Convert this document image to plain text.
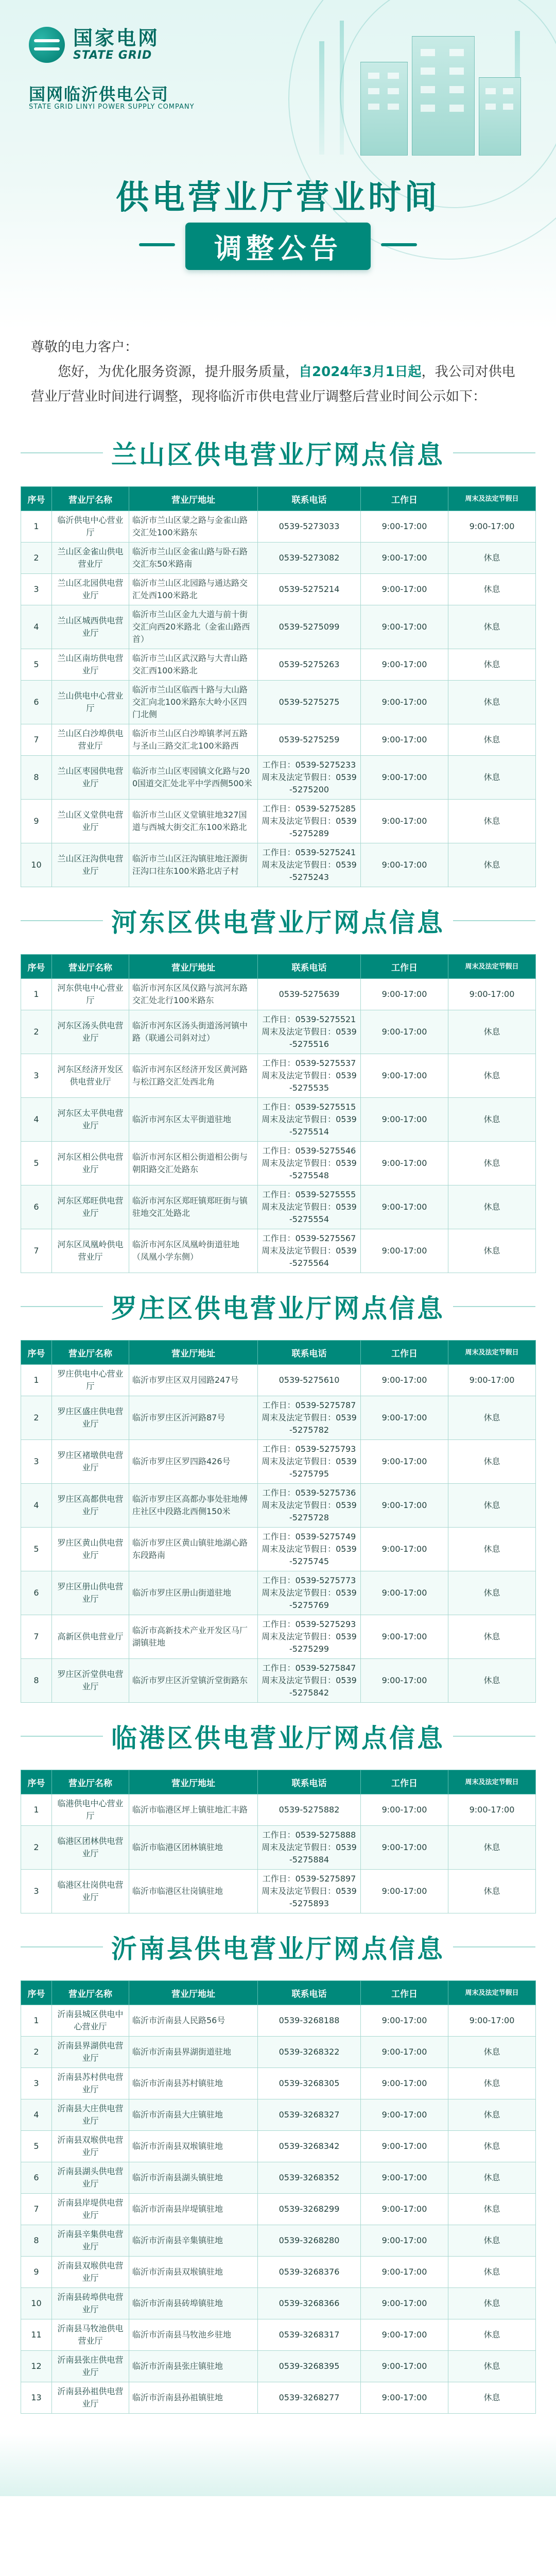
国家电网
STATE GRID
国网临沂供电公司
STATE GRID LINYI POWER SUPPLY COMPANY
供电营业厅营业时间
调整公告

尊敬的电力客户：

您好，为优化服务资源，提升服务质量，自2024年3月1日起，我公司对供电营业厅营业时间进行调整，现将临沂市供电营业厅调整后营业时间公示如下：

兰山区供电营业厅网点信息
序号	营业厅名称	营业厅地址	联系电话	工作日	周末及法定节假日
1	临沂供电中心营业厅	临沂市兰山区蒙之路与金雀山路交汇处100米路东	0539-5273033	9:00-17:00	9:00-17:00
2	兰山区金雀山供电营业厅	临沂市兰山区金雀山路与卧石路交汇东50米路南	0539-5273082	9:00-17:00	休息
3	兰山区北园供电营业厅	临沂市兰山区北园路与通达路交汇处西100米路北	0539-5275214	9:00-17:00	休息
4	兰山区城西供电营业厅	临沂市兰山区金九大道与前十街交汇向西20米路北（金雀山路西首）	0539-5275099	9:00-17:00	休息
5	兰山区南坊供电营业厅	临沂市兰山区武汉路与大青山路交汇西100米路北	0539-5275263	9:00-17:00	休息
6	兰山供电中心营业厅	临沂市兰山区临西十路与大山路交汇向北100米路东大岭小区四门北侧	0539-5275275	9:00-17:00	休息
7	兰山区白沙埠供电营业厅	临沂市兰山区白沙埠镇孝河五路与圣山三路交汇北100米路西	0539-5275259	9:00-17:00	休息
8	兰山区枣园供电营业厅	临沂市兰山区枣园镇文化路与200国道交汇处北平中学西侧500米	工作日：0539-5275233
周末及法定节假日：0539-5275200	9:00-17:00	休息
9	兰山区义堂供电营业厅	临沂市兰山区义堂镇驻地327国道与西城大街交汇东100米路北	工作日：0539-5275285
周末及法定节假日：0539-5275289	9:00-17:00	休息
10	兰山区汪沟供电营业厅	临沂市兰山区汪沟镇驻地汪源街汪沟口往东100米路北店子村	工作日：0539-5275241
周末及法定节假日：0539-5275243	9:00-17:00	休息
河东区供电营业厅网点信息
序号	营业厅名称	营业厅地址	联系电话	工作日	周末及法定节假日
1	河东供电中心营业厅	临沂市河东区凤仪路与滨河东路交汇处北行100米路东	0539-5275639	9:00-17:00	9:00-17:00
2	河东区汤头供电营业厅	临沂市河东区汤头街道汤河镇中路（联通公司斜对过）	工作日：0539-5275521
周末及法定节假日：0539-5275516	9:00-17:00	休息
3	河东区经济开发区供电营业厅	临沂市河东区经济开发区黄河路与松江路交汇处西北角	工作日：0539-5275537
周末及法定节假日：0539-5275535	9:00-17:00	休息
4	河东区太平供电营业厅	临沂市河东区太平街道驻地	工作日：0539-5275515
周末及法定节假日：0539-5275514	9:00-17:00	休息
5	河东区相公供电营业厅	临沂市河东区相公街道相公街与朝阳路交汇处路东	工作日：0539-5275546
周末及法定节假日：0539-5275548	9:00-17:00	休息
6	河东区郑旺供电营业厅	临沂市河东区郑旺镇郑旺街与镇驻地交汇处路北	工作日：0539-5275555
周末及法定节假日：0539-5275554	9:00-17:00	休息
7	河东区凤凰岭供电营业厅	临沂市河东区凤凰岭街道驻地（凤凰小学东侧）	工作日：0539-5275567
周末及法定节假日：0539-5275564	9:00-17:00	休息
罗庄区供电营业厅网点信息
序号	营业厅名称	营业厅地址	联系电话	工作日	周末及法定节假日
1	罗庄供电中心营业厅	临沂市罗庄区双月园路247号	0539-5275610	9:00-17:00	9:00-17:00
2	罗庄区盛庄供电营业厅	临沂市罗庄区沂河路87号	工作日：0539-5275787
周末及法定节假日：0539-5275782	9:00-17:00	休息
3	罗庄区褚墩供电营业厅	临沂市罗庄区罗四路426号	工作日：0539-5275793
周末及法定节假日：0539-5275795	9:00-17:00	休息
4	罗庄区高都供电营业厅	临沂市罗庄区高都办事处驻地傅庄社区中段路北西侧150米	工作日：0539-5275736
周末及法定节假日：0539-5275728	9:00-17:00	休息
5	罗庄区黄山供电营业厅	临沂市罗庄区黄山镇驻地湖心路东段路南	工作日：0539-5275749
周末及法定节假日：0539-5275745	9:00-17:00	休息
6	罗庄区册山供电营业厅	临沂市罗庄区册山街道驻地	工作日：0539-5275773
周末及法定节假日：0539-5275769	9:00-17:00	休息
7	高新区供电营业厅	临沂市高新技术产业开发区马厂湖镇驻地	工作日：0539-5275293
周末及法定节假日：0539-5275299	9:00-17:00	休息
8	罗庄区沂堂供电营业厅	临沂市罗庄区沂堂镇沂堂街路东	工作日：0539-5275847
周末及法定节假日：0539-5275842	9:00-17:00	休息
临港区供电营业厅网点信息
序号	营业厅名称	营业厅地址	联系电话	工作日	周末及法定节假日
1	临港供电中心营业厅	临沂市临港区坪上镇驻地汇丰路	0539-5275882	9:00-17:00	9:00-17:00
2	临港区团林供电营业厅	临沂市临港区团林镇驻地	工作日：0539-5275888
周末及法定节假日：0539-5275884	9:00-17:00	休息
3	临港区壮岗供电营业厅	临沂市临港区壮岗镇驻地	工作日：0539-5275897
周末及法定节假日：0539-5275893	9:00-17:00	休息
沂南县供电营业厅网点信息
序号	营业厅名称	营业厅地址	联系电话	工作日	周末及法定节假日
1	沂南县城区供电中心营业厅	临沂市沂南县人民路56号	0539-3268188	9:00-17:00	9:00-17:00
2	沂南县界湖供电营业厅	临沂市沂南县界湖街道驻地	0539-3268322	9:00-17:00	休息
3	沂南县苏村供电营业厅	临沂市沂南县苏村镇驻地	0539-3268305	9:00-17:00	休息
4	沂南县大庄供电营业厅	临沂市沂南县大庄镇驻地	0539-3268327	9:00-17:00	休息
5	沂南县双堠供电营业厅	临沂市沂南县双堠镇驻地	0539-3268342	9:00-17:00	休息
6	沂南县湖头供电营业厅	临沂市沂南县湖头镇驻地	0539-3268352	9:00-17:00	休息
7	沂南县岸堤供电营业厅	临沂市沂南县岸堤镇驻地	0539-3268299	9:00-17:00	休息
8	沂南县辛集供电营业厅	临沂市沂南县辛集镇驻地	0539-3268280	9:00-17:00	休息
9	沂南县双堠供电营业厅	临沂市沂南县双堠镇驻地	0539-3268376	9:00-17:00	休息
10	沂南县砖埠供电营业厅	临沂市沂南县砖埠镇驻地	0539-3268366	9:00-17:00	休息
11	沂南县马牧池供电营业厅	临沂市沂南县马牧池乡驻地	0539-3268317	9:00-17:00	休息
12	沂南县张庄供电营业厅	临沂市沂南县张庄镇驻地	0539-3268395	9:00-17:00	休息
13	沂南县孙祖供电营业厅	临沂市沂南县孙祖镇驻地	0539-3268277	9:00-17:00	休息
